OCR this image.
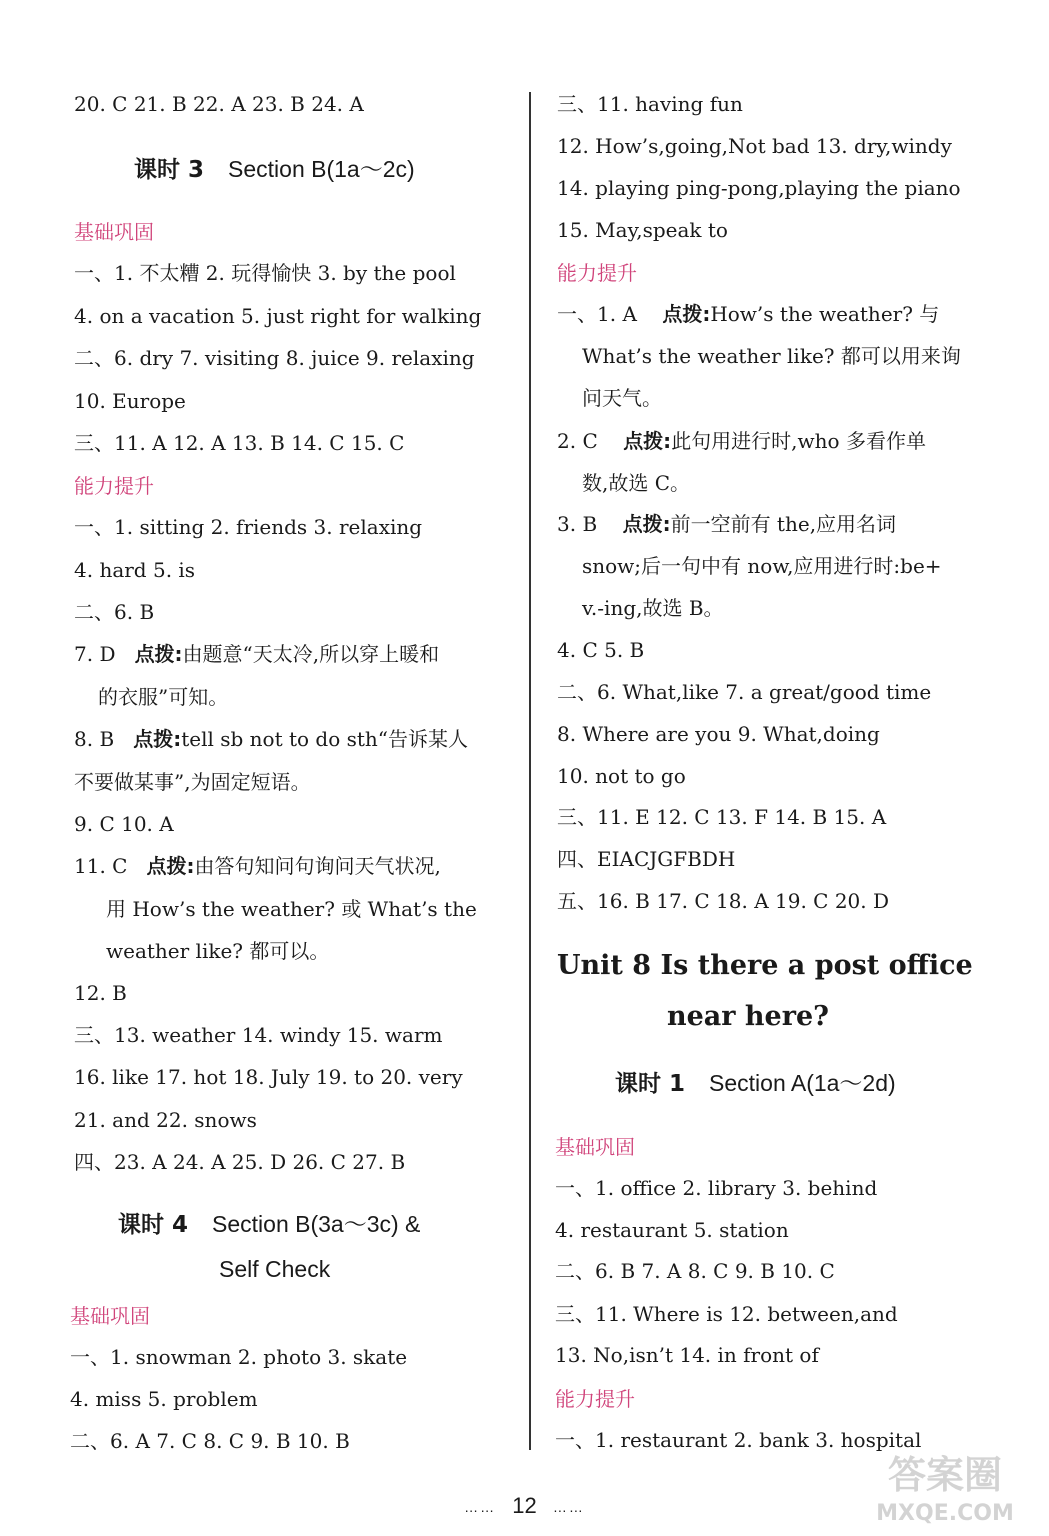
20. C 21. B 22. A 23. B 24. A
课时 3 Section B(1a～2c)
基础巩固
一、1. 不太糟 2. 玩得愉快 3. by the pool
4. on a vacation 5. just right for walking
二、6. dry 7. visiting 8. juice 9. relaxing
10. Europe
三、11. A 12. A 13. B 14. C 15. C
能力提升
一、1. sitting 2. friends 3. relaxing
4. hard 5. is
二、6. B
7. D 点拨:由题意“天太冷,所以穿上暖和
的衣服”可知。
8. B 点拨:tell sb not to do sth“告诉某人
不要做某事”,为固定短语。
9. C 10. A
11. C 点拨:由答句知问句询问天气状况,
用 How’s the weather? 或 What’s the
weather like? 都可以。
12. B
三、13. weather 14. windy 15. warm
16. like 17. hot 18. July 19. to 20. very
21. and 22. snows
四、23. A 24. A 25. D 26. C 27. B
课时 4 Section B(3a～3c) &
Self Check
基础巩固
一、1. snowman 2. photo 3. skate
4. miss 5. problem
二、6. A 7. C 8. C 9. B 10. B
三、11. having fun
12. How’s,going,Not bad 13. dry,windy
14. playing ping-pong,playing the piano
15. May,speak to
能力提升
一、1. A 点拨:How’s the weather? 与
What’s the weather like? 都可以用来询
问天气。
2. C 点拨:此句用进行时,who 多看作单
数,故选 C。
3. B 点拨:前一空前有 the,应用名词
snow;后一句中有 now,应用进行时:be+
v.-ing,故选 B。
4. C 5. B
二、6. What,like 7. a great/good time
8. Where are you 9. What,doing
10. not to go
三、11. E 12. C 13. F 14. B 15. A
四、EIACJGFBDH
五、16. B 17. C 18. A 19. C 20. D
Unit 8 Is there a post office
near here?
课时 1 Section A(1a～2d)
基础巩固
一、1. office 2. library 3. behind
4. restaurant 5. station
二、6. B 7. A 8. C 9. B 10. C
三、11. Where is 12. between,and
13. No,isn’t 14. in front of
能力提升
一、1. restaurant 2. bank 3. hospital
…… 12 ……
答案圈
MXQE.COM
